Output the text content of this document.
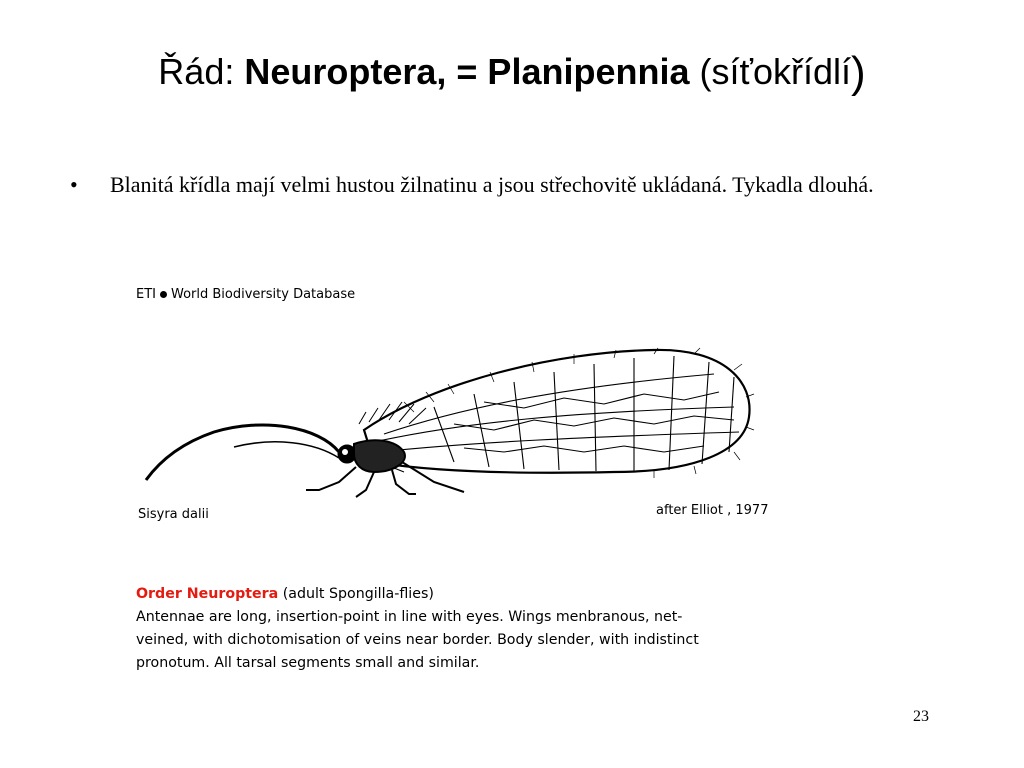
Řád: Neuroptera, = Planipennia (síťokřídlí)
• Blanitá křídla mají velmi hustou žilnatinu a jsou střechovitě ukládaná. Tykadla dlouhá.
ETI World Biodiversity Database
Sisyra dalii	after Elliot , 1977
Order Neuroptera (adult Spongilla-flies)
Antennae are long, insertion-point in line with eyes. Wings menbranous, net-
veined, with dichotomisation of veins near border. Body slender, with indistinct
pronotum. All tarsal segments small and similar.
23
